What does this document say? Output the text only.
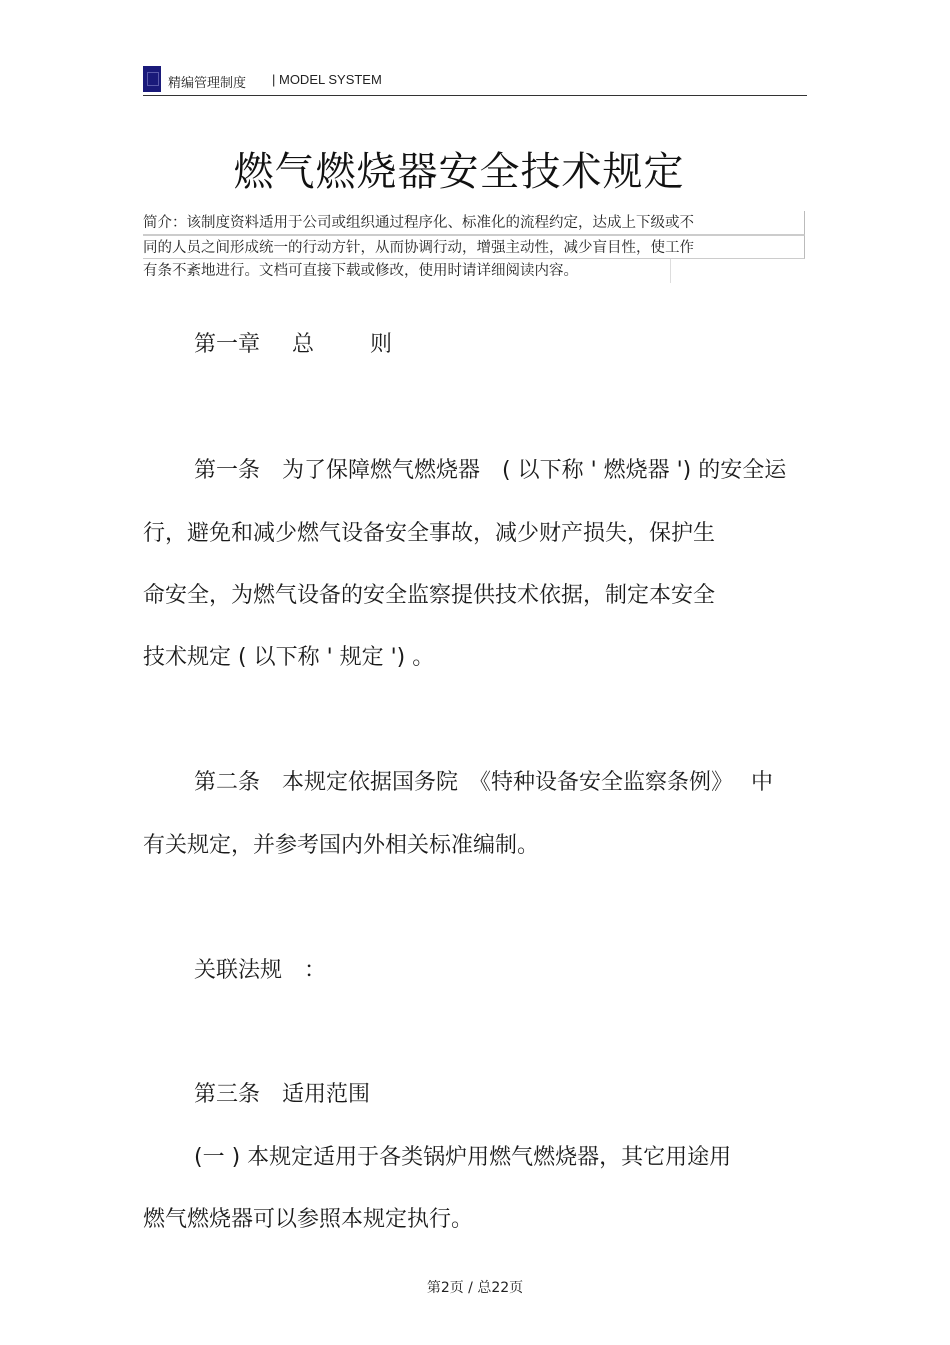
精编管理制度 | MODEL SYSTEM
燃气燃烧器安全技术规定
简介：该制度资料适用于公司或组织通过程序化、标准化的流程约定，达成上下级或不
同的人员之间形成统一的行动方针，从而协调行动，增强主动性，减少盲目性，使工作
有条不紊地进行。文档可直接下载或修改，使用时请详细阅读内容。
第一章 总	则
第一条　为了保障燃气燃烧器　( 以下称 ' 燃烧器 ') 的安全运
行，避免和减少燃气设备安全事故，减少财产损失，保护生
命安全，为燃气设备的安全监察提供技术依据，制定本安全
技术规定 ( 以下称 ' 规定 ') 。
第二条　本规定依据国务院　《特种设备安全监察条例》　 中
有关规定，并参考国内外相关标准编制。
关联法规　：
第三条　适用范围
(一 ) 本规定适用于各类锅炉用燃气燃烧器，其它用途用
燃气燃烧器可以参照本规定执行。
第2页 / 总22页
